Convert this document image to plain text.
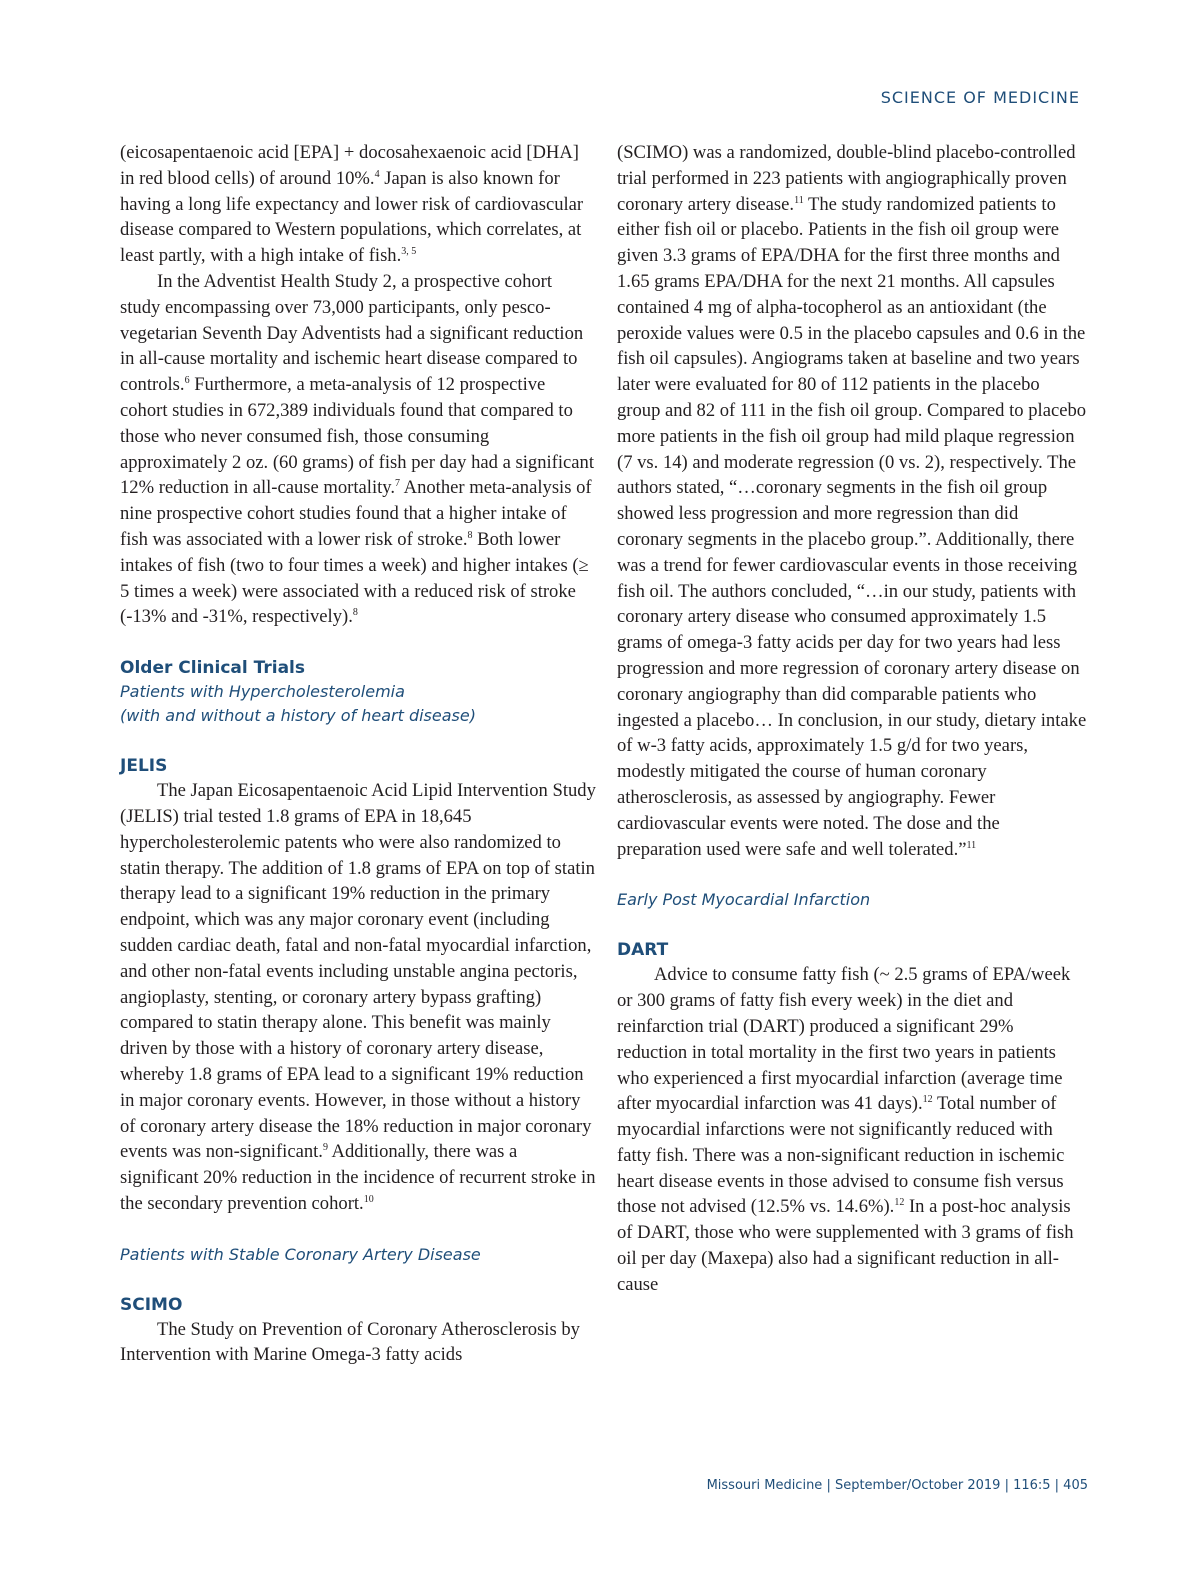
SCIENCE OF MEDICINE

(eicosapentaenoic acid [EPA] + docosahexaenoic acid [DHA] in red blood cells) of around 10%.$^4$ Japan is also known for having a long life expectancy and lower risk of cardiovascular disease compared to Western populations, which correlates, at least partly, with a high intake of fish.$^{3, 5}$

In the Adventist Health Study 2, a prospective cohort study encompassing over 73,000 participants, only pesco-vegetarian Seventh Day Adventists had a significant reduction in all-cause mortality and ischemic heart disease compared to controls.$^6$ Furthermore, a meta-analysis of 12 prospective cohort studies in 672,389 individuals found that compared to those who never consumed fish, those consuming approximately 2 oz. (60 grams) of fish per day had a significant 12% reduction in all-cause mortality.$^7$ Another meta-analysis of nine prospective cohort studies found that a higher intake of fish was associated with a lower risk of stroke.$^8$ Both lower intakes of fish (two to four times a week) and higher intakes (≥ 5 times a week) were associated with a reduced risk of stroke (-13% and -31%, respectively).$^8$

Older Clinical Trials
Patients with Hypercholesterolemia
(with and without a history of heart disease)
JELIS

The Japan Eicosapentaenoic Acid Lipid Intervention Study (JELIS) trial tested 1.8 grams of EPA in 18,645 hypercholesterolemic patents who were also randomized to statin therapy. The addition of 1.8 grams of EPA on top of statin therapy lead to a significant 19% reduction in the primary endpoint, which was any major coronary event (including sudden cardiac death, fatal and non-fatal myocardial infarction, and other non-fatal events including unstable angina pectoris, angioplasty, stenting, or coronary artery bypass grafting) compared to statin therapy alone. This benefit was mainly driven by those with a history of coronary artery disease, whereby 1.8 grams of EPA lead to a significant 19% reduction in major coronary events. However, in those without a history of coronary artery disease the 18% reduction in major coronary events was non-significant.$^9$ Additionally, there was a significant 20% reduction in the incidence of recurrent stroke in the secondary prevention cohort.$^{10}$

Patients with Stable Coronary Artery Disease
SCIMO

The Study on Prevention of Coronary Atherosclerosis by Intervention with Marine Omega-3 fatty acids

(SCIMO) was a randomized, double-blind placebo-controlled trial performed in 223 patients with angiographically proven coronary artery disease.$^{11}$ The study randomized patients to either fish oil or placebo. Patients in the fish oil group were given 3.3 grams of EPA/DHA for the first three months and 1.65 grams EPA/DHA for the next 21 months. All capsules contained 4 mg of alpha-tocopherol as an antioxidant (the peroxide values were 0.5 in the placebo capsules and 0.6 in the fish oil capsules). Angiograms taken at baseline and two years later were evaluated for 80 of 112 patients in the placebo group and 82 of 111 in the fish oil group. Compared to placebo more patients in the fish oil group had mild plaque regression (7 vs. 14) and moderate regression (0 vs. 2), respectively. The authors stated, “…coronary segments in the fish oil group showed less progression and more regression than did coronary segments in the placebo group.”. Additionally, there was a trend for fewer cardiovascular events in those receiving fish oil. The authors concluded, “…in our study, patients with coronary artery disease who consumed approximately 1.5 grams of omega-3 fatty acids per day for two years had less progression and more regression of coronary artery disease on coronary angiography than did comparable patients who ingested a placebo… In conclusion, in our study, dietary intake of w-3 fatty acids, approximately 1.5 g/d for two years, modestly mitigated the course of human coronary atherosclerosis, as assessed by angiography. Fewer cardiovascular events were noted. The dose and the preparation used were safe and well tolerated.”$^{11}$

Early Post Myocardial Infarction
DART

Advice to consume fatty fish (~ 2.5 grams of EPA/week or 300 grams of fatty fish every week) in the diet and reinfarction trial (DART) produced a significant 29% reduction in total mortality in the first two years in patients who experienced a first myocardial infarction (average time after myocardial infarction was 41 days).$^{12}$ Total number of myocardial infarctions were not significantly reduced with fatty fish. There was a non-significant reduction in ischemic heart disease events in those advised to consume fish versus those not advised (12.5% vs. 14.6%).$^{12}$ In a post-hoc analysis of DART, those who were supplemented with 3 grams of fish oil per day (Maxepa) also had a significant reduction in all-cause

Missouri Medicine | September/October 2019 | 116:5 | 405
